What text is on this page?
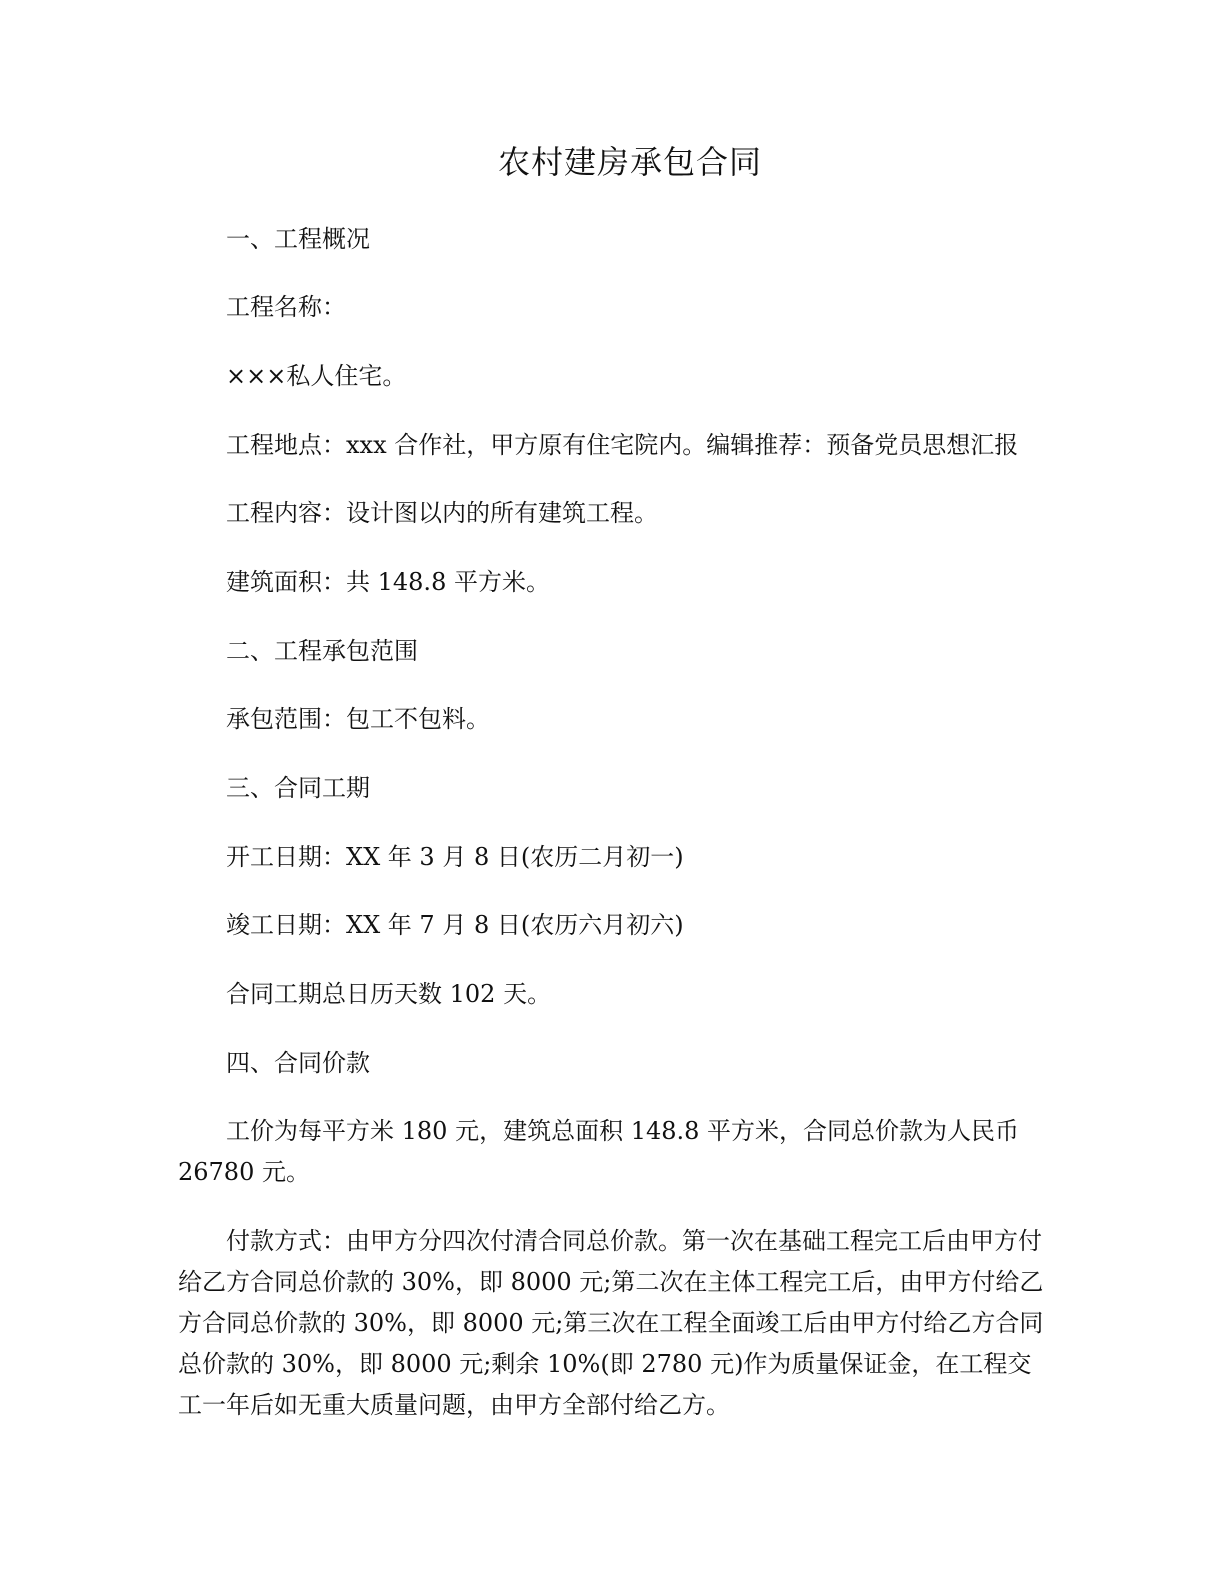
农村建房承包合同

一、工程概况

工程名称：

×××私人住宅。

工程地点：xxx 合作社，甲方原有住宅院内。编辑推荐：预备党员思想汇报

工程内容：设计图以内的所有建筑工程。

建筑面积：共 148.8 平方米。

二、工程承包范围

承包范围：包工不包料。

三、合同工期

开工日期：XX 年 3 月 8 日(农历二月初一)

竣工日期：XX 年 7 月 8 日(农历六月初六)

合同工期总日历天数 102 天。

四、合同价款

工价为每平方米 180 元，建筑总面积 148.8 平方米，合同总价款为人民币 26780 元。

付款方式：由甲方分四次付清合同总价款。第一次在基础工程完工后由甲方付给乙方合同总价款的 30%，即 8000 元;第二次在主体工程完工后，由甲方付给乙方合同总价款的 30%，即 8000 元;第三次在工程全面竣工后由甲方付给乙方合同总价款的 30%，即 8000 元;剩余 10%(即 2780 元)作为质量保证金，在工程交工一年后如无重大质量问题，由甲方全部付给乙方。
